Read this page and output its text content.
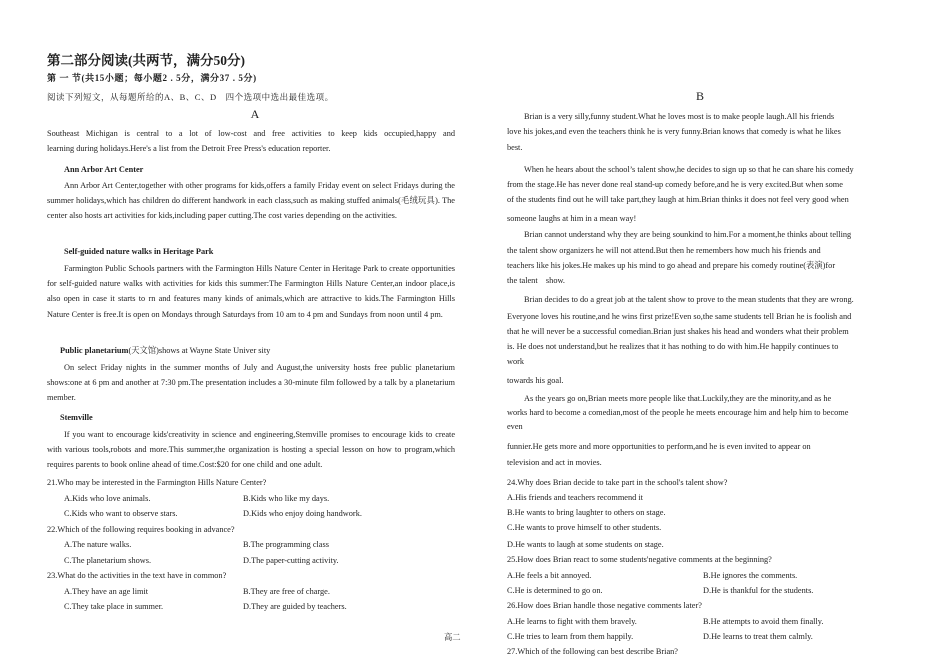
第二部分阅读(共两节，满分50分)
第 一 节(共15小题；每小题2 . 5分，满分37 . 5分)
阅读下列短文，从每题所给的A、B、C、D　四个选项中选出最佳选项。
A
Southeast Michigan is central to a lot of low-cost and free activities to keep kids occupied,happy and
learning during holidays.Here's a list from the Detroit Free Press's education reporter.
Ann Arbor Art Center
Ann Arbor Art Center,together with other programs for kids,offers a family Friday event on select Fridays during the summer holidays,which has children do different handwork in each class,such as making stuffed animals(毛绒玩具). The center also hosts art activities for kids,including paper cutting.The cost varies depending on the activities.
Self-guided nature walks in Heritage Park
Farmington Public Schools partners with the Farmington Hills Nature Center in Heritage Park to create opportunities for self-guided nature walks with activities for kids this summer:The Farmington Hills Nature Center,an indoor place,is also open in case it starts to rn and features many kinds of animals,which are attractive to kids.The Farmington Hills Nature Center is free.It is open on Mondays through Saturdays from 10 am to 4 pm and Sundays from noon until 4 pm.
Public planetarium(天文馆)shows at Wayne State Univer sity
On select Friday nights in the summer months of July and August,the university hosts free public planetarium shows:one at 6 pm and another at 7:30 pm.The presentation includes a 30-minute film followed by a talk by a planetarium member.
Stemville
If you want to encourage kids'creativity in science and engineering,Stemville promises to encourage kids to create with various tools,robots and more.This summer,the organization is hosting a special lesson on how to program,which requires parents to book online ahead of time.Cost:$20 for one child and one adult.
21.Who may be interested in the Farmington Hills Nature Center?
A.Kids who love animals.	B.Kids who like my days.
C.Kids who want to observe stars.	D.Kids who enjoy doing handwork.
22.Which of the following requires booking in advance?
A.The nature walks.	B.The programming class
C.The planetarium shows.	D.The paper-cutting activity.
23.What do the activities in the text have in common?
A.They have an age limit	B.They are free of charge.
C.They take place in summer.	D.They are guided by teachers.
高二
B
Brian is a very silly,funny student.What he loves most is to make people laugh.All his friends
love his jokes,and even the teachers think he is very funny.Brian knows that comedy is what he likes
best.
When he hears about the school’s talent show,he decides to sign up so that he can share his comedy
from the stage.He has never done real stand-up comedy before,and he is very excited.But when some
of the students find out he will take part,they laugh at him.Brian thinks it does not feel very good when
someone laughs at him in a mean way!
Brian cannot understand why they are being sounkind to him.For a moment,he thinks about telling
the talent show organizers he will not attend.But then he remembers how much his friends and
teachers like his jokes.He makes up his mind to go ahead and prepare his comedy routine(表演)for
the talent　show.
Brian decides to do a great job at the talent show to prove to the mean students that they are wrong.
Everyone loves his routine,and he wins first prize!Even so,the same students tell Brian he is foolish and
that he will never be a successful comedian.Brian just shakes his head and wonders what their problem
is. He does not understand,but he realizes that it has nothing to do with him.He happily continues to
work
towards his goal.
As the years go on,Brian meets more people like that.Luckily,they are the minority,and as he
works hard to become a comedian,most of the people he meets encourage him and help him to become
even
funnier.He gets more and more opportunities to perform,and he is even invited to appear on
television and act in movies.
24.Why does Brian decide to take part in the school's talent show?
A.His friends and teachers recommend it
B.He wants to bring laughter to others on stage.
C.He wants to prove himself to other students.
D.He wants to laugh at some students on stage.
25.How does Brian react to some students'negative comments at the beginning?
A.He feels a bit annoyed.	B.He ignores the comments.
C.He is determined to go on.	D.He is thankful for the students.
26.How does Brian handle those negative comments later?
A.He learns to fight with them bravely.	B.He attempts to avoid them finally.
C.He tries to learn from them happily.	D.He learns to treat them calmly.
27.Which of the following can best describe Brian?
